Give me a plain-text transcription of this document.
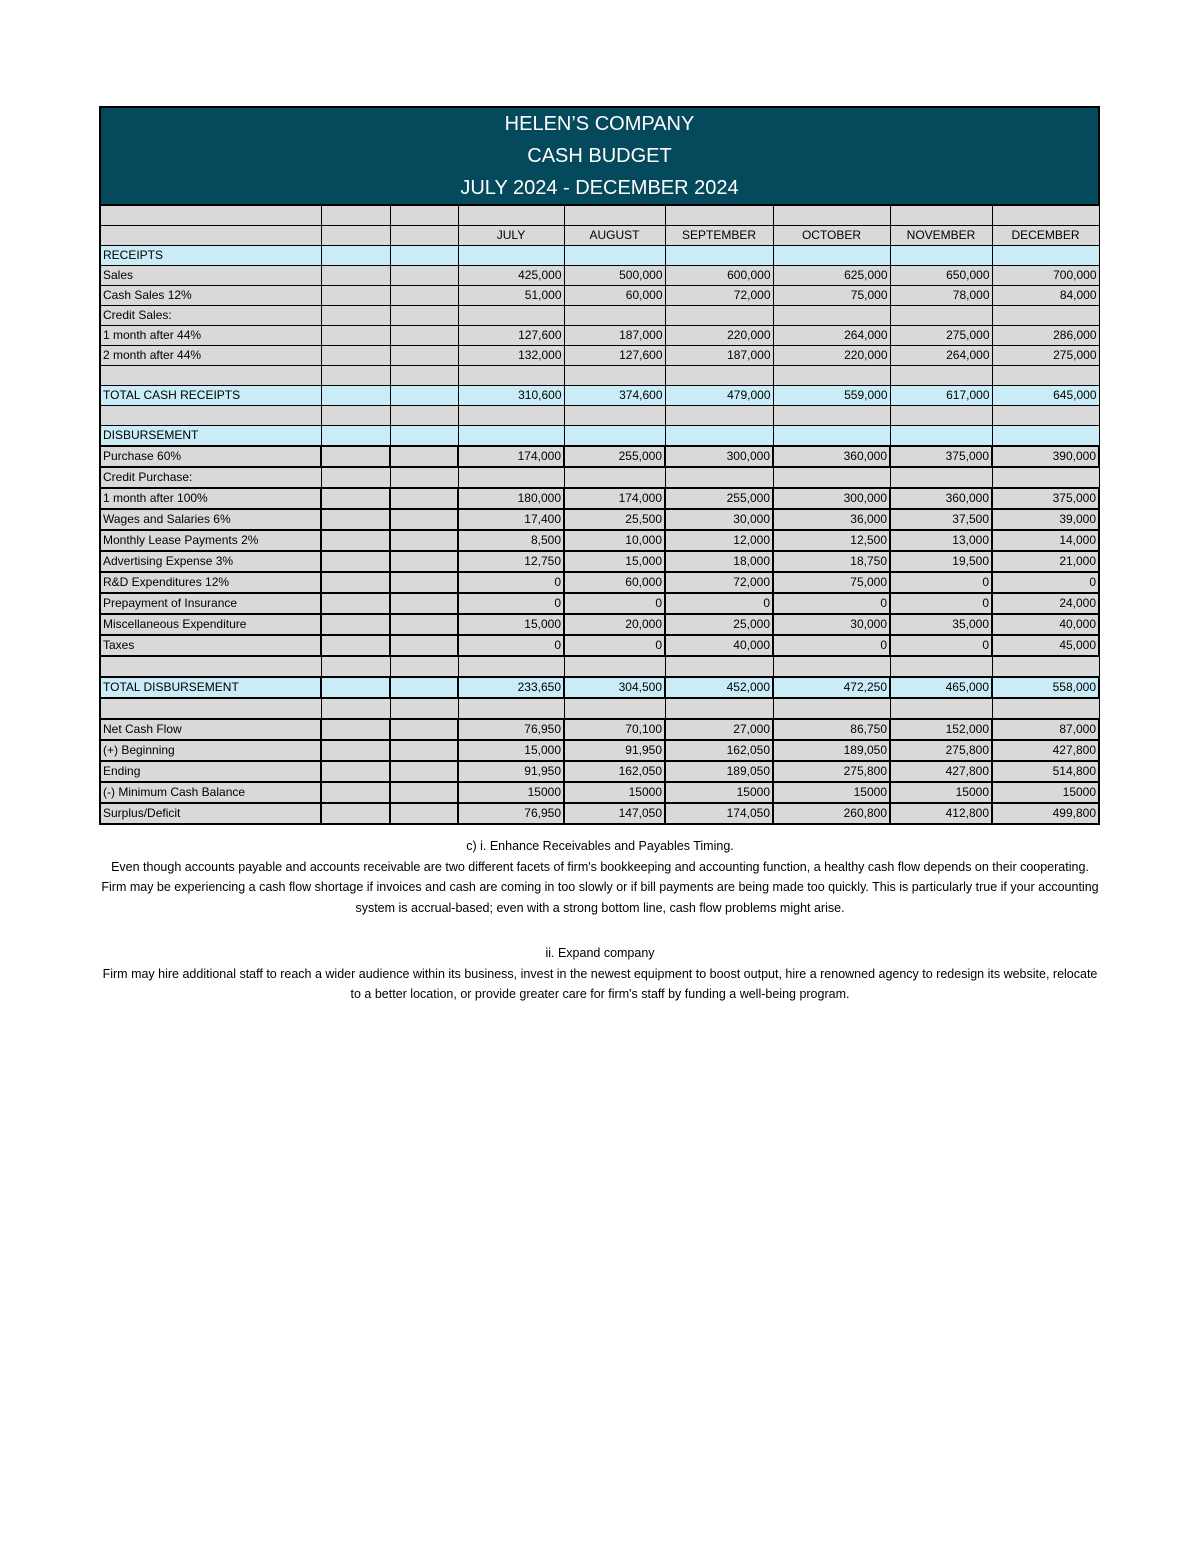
HELEN’S COMPANY
CASH BUDGET
JULY 2024 - DECEMBER 2024								

			JULY	AUGUST	SEPTEMBER	OCTOBER	NOVEMBER	DECEMBER
RECEIPTS								
Sales			425,000	500,000	600,000	625,000	650,000	700,000
Cash Sales 12%			51,000	60,000	72,000	75,000	78,000	84,000
Credit Sales:								
1 month after 44%			127,600	187,000	220,000	264,000	275,000	286,000
2 month after 44%			132,000	127,600	187,000	220,000	264,000	275,000

TOTAL CASH RECEIPTS			310,600	374,600	479,000	559,000	617,000	645,000

DISBURSEMENT								
Purchase 60%			174,000	255,000	300,000	360,000	375,000	390,000
Credit Purchase:								
1 month after 100%			180,000	174,000	255,000	300,000	360,000	375,000
Wages and Salaries 6%			17,400	25,500	30,000	36,000	37,500	39,000
Monthly Lease Payments 2%			8,500	10,000	12,000	12,500	13,000	14,000
Advertising Expense 3%			12,750	15,000	18,000	18,750	19,500	21,000
R&D Expenditures 12%			0	60,000	72,000	75,000	0	0
Prepayment of Insurance			0	0	0	0	0	24,000
Miscellaneous Expenditure			15,000	20,000	25,000	30,000	35,000	40,000
Taxes			0	0	40,000	0	0	45,000

TOTAL DISBURSEMENT			233,650	304,500	452,000	472,250	465,000	558,000

Net Cash Flow			76,950	70,100	27,000	86,750	152,000	87,000
(+) Beginning			15,000	91,950	162,050	189,050	275,800	427,800
Ending			91,950	162,050	189,050	275,800	427,800	514,800
(-) Minimum Cash Balance			15000	15000	15000	15000	15000	15000
Surplus/Deficit			76,950	147,050	174,050	260,800	412,800	499,800

c) i. Enhance Receivables and Payables Timing.

Even though accounts payable and accounts receivable are two different facets of firm's bookkeeping and accounting function, a healthy cash flow depends on their cooperating.

Firm may be experiencing a cash flow shortage if invoices and cash are coming in too slowly or if bill payments are being made too quickly. This is particularly true if your accounting system is accrual-based; even with a strong bottom line, cash flow problems might arise.

ii. Expand company

Firm may hire additional staff to reach a wider audience within its business, invest in the newest equipment to boost output, hire a renowned agency to redesign its website, relocate to a better location, or provide greater care for firm's staff by funding a well-being program.
